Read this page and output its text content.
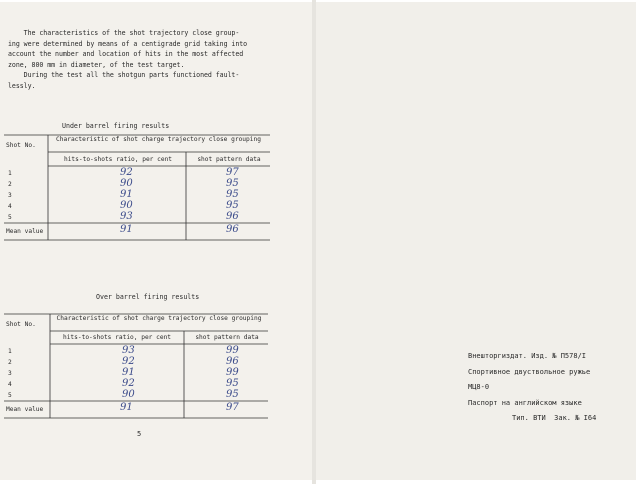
The characteristics of the shot trajectory close group-
ing were determined by means of a centigrade grid taking into
account the number and location of hits in the most affected
zone, 800 mm in diameter, of the test target.
During the test all the shotgun parts functioned fault-
lessly.
Under barrel firing results
Shot No.
Characteristic of shot charge trajectory close grouping
hits-to-shots ratio, per cent	shot pattern data
1	92	97
2	90	95
3	91	95
4	90	95
5	93	96
Mean value	91	96
Over barrel firing results
Shot No.
Characteristic of shot charge trajectory close grouping
hits-to-shots ratio, per cent	shot pattern data
1	93	99
2	92	96
3	91	99
4	92	95
5	90	95
Mean value	91	97
5
Внешторгиздат. Изд. № П578/I
Спортивное двуствольное ружье
МЦ8-0
Паспорт на английском языке
Тип. ВТИ  Зак. № I64
